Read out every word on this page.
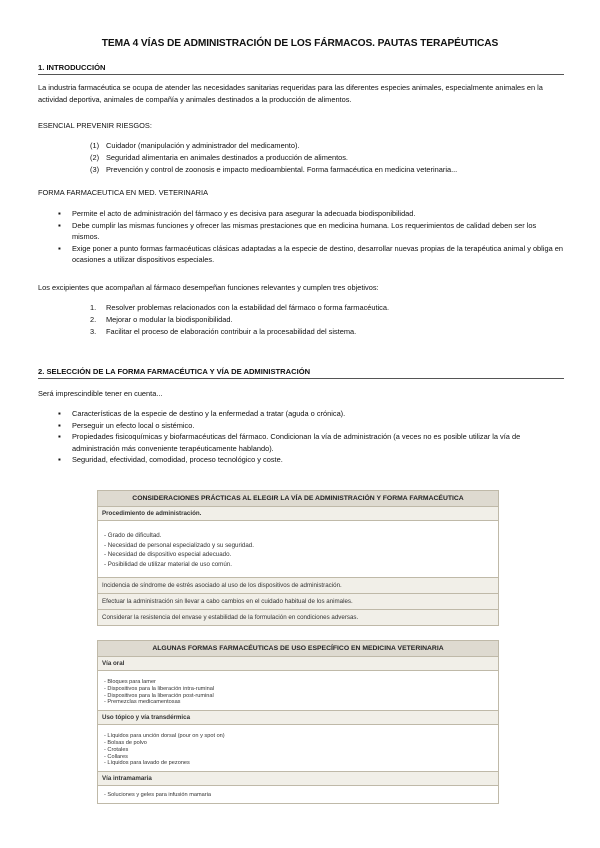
TEMA 4 VÍAS DE ADMINISTRACIÓN DE LOS FÁRMACOS. PAUTAS TERAPÉUTICAS
1. INTRODUCCIÓN
La industria farmacéutica se ocupa de atender las necesidades sanitarias requeridas para las diferentes especies animales, especialmente animales en la actividad deportiva, animales de compañía y animales destinados a la producción de alimentos.
ESENCIAL PREVENIR RIESGOS:
(1) Cuidador (manipulación y administrador del medicamento).
(2) Seguridad alimentaria en animales destinados a producción de alimentos.
(3) Prevención y control de zoonosis e impacto medioambiental. Forma farmacéutica en medicina veterinaria...
FORMA FARMACEUTICA EN MED. VETERINARIA
▪ Permite el acto de administración del fármaco y es decisiva para asegurar la adecuada biodisponibilidad.
▪ Debe cumplir las mismas funciones y ofrecer las mismas prestaciones que en medicina humana. Los requerimientos de calidad deben ser los mismos.
▪ Exige poner a punto formas farmacéuticas clásicas adaptadas a la especie de destino, desarrollar nuevas propias de la terapéutica animal y obliga en ocasiones a utilizar dispositivos especiales.
Los excipientes que acompañan al fármaco desempeñan funciones relevantes y cumplen tres objetivos:
1. Resolver problemas relacionados con la estabilidad del fármaco o forma farmacéutica.
2. Mejorar o modular la biodisponibilidad.
3. Facilitar el proceso de elaboración contribuir a la procesabilidad del sistema.
2. SELECCIÓN DE LA FORMA FARMACÉUTICA Y VÍA DE ADMINISTRACIÓN
Será imprescindible tener en cuenta...
▪ Características de la especie de destino y la enfermedad a tratar (aguda o crónica).
▪ Perseguir un efecto local o sistémico.
▪ Propiedades fisicoquímicas y biofarmacéuticas del fármaco. Condicionan la vía de administración (a veces no es posible utilizar la vía de administración más conveniente terapéuticamente hablando).
▪ Seguridad, efectividad, comodidad, proceso tecnológico y coste.
CONSIDERACIONES PRÁCTICAS AL ELEGIR LA VÍA DE ADMINISTRACIÓN Y FORMA FARMACÉUTICA
Procedimiento de administración.
- Grado de dificultad.
- Necesidad de personal especializado y su seguridad.
- Necesidad de dispositivo especial adecuado.
- Posibilidad de utilizar material de uso común.
Incidencia de síndrome de estrés asociado al uso de los dispositivos de administración.
Efectuar la administración sin llevar a cabo cambios en el cuidado habitual de los animales.
Considerar la resistencia del envase y estabilidad de la formulación en condiciones adversas.
ALGUNAS FORMAS FARMACÉUTICAS DE USO ESPECÍFICO EN MEDICINA VETERINARIA
Vía oral
- Bloques para lamer
- Dispositivos para la liberación intra-ruminal
- Dispositivos para la liberación post-ruminal
- Premezclas medicamentosas
Uso tópico y vía transdérmica
- Líquidos para unción dorsal (pour on y spot on)
- Bolsas de polvo
- Crotales
- Collares
- Líquidos para lavado de pezones
Vía intramamaria
- Soluciones y geles para infusión mamaria
